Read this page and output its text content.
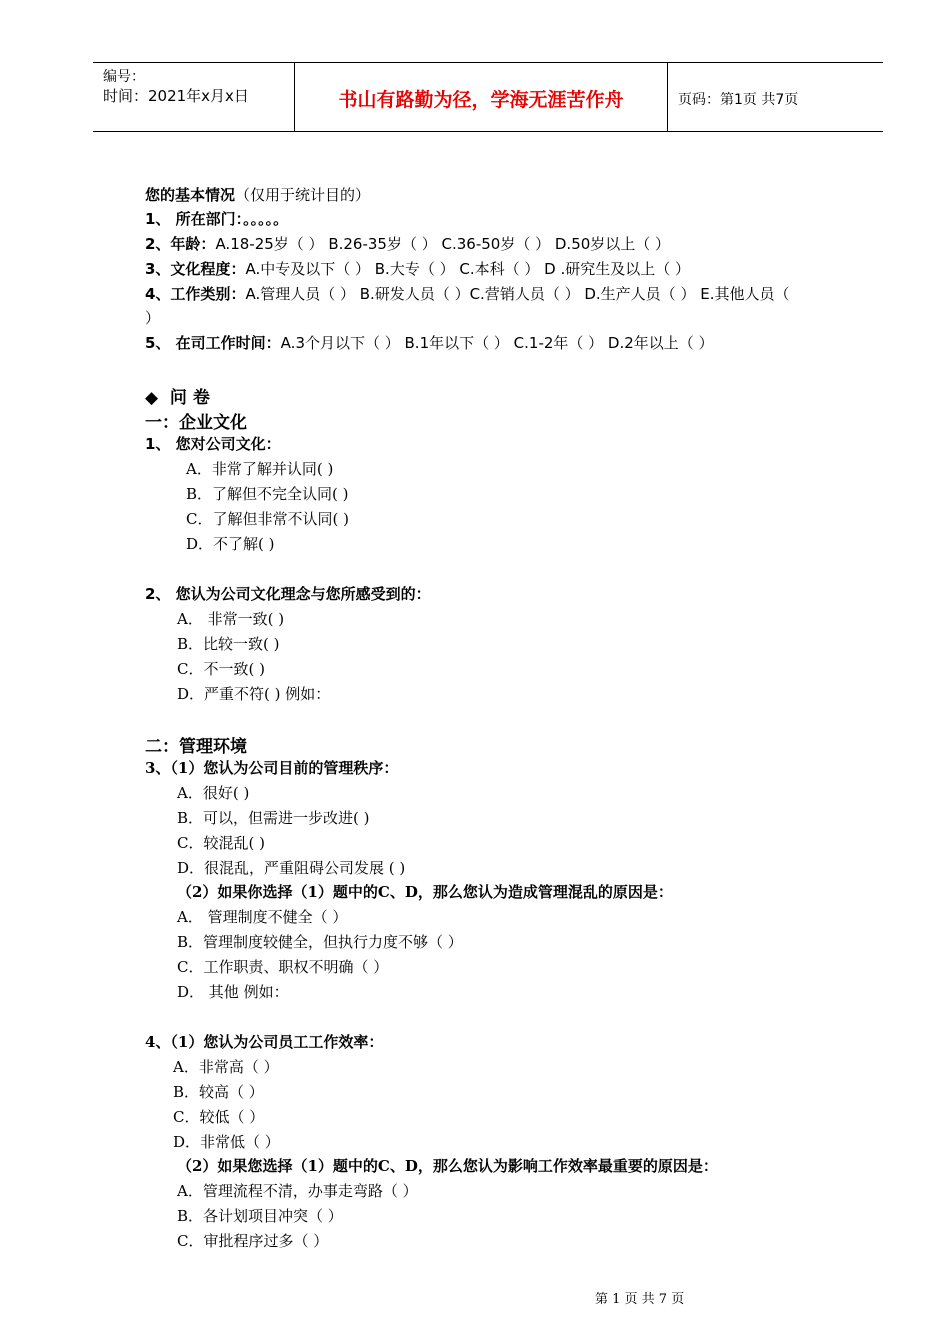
编号：
时间：2021年x月x日	书山有路勤为径，学海无涯苦作舟	页码：第1页 共7页
您的基本情况（仅用于统计目的）
1、 所在部门：。。。。。
2、年龄：A.18-25岁（ ） B.26-35岁（ ） C.36-50岁（ ） D.50岁以上（ ）
3、文化程度：A.中专及以下（ ） B.大专（ ） C.本科（ ） D .研究生及以上（ ）
4、工作类别：A.管理人员（ ） B.研发人员（ ）C.营销人员（ ） D.生产人员（ ） E.其他人员（
）
5、 在司工作时间：A.3个月以下（ ） B.1年以下（ ） C.1-2年（ ） D.2年以上（ ）
◆ 问 卷
一：企业文化
1、 您对公司文化：
A．非常了解并认同( )
B．了解但不完全认同( )
C．了解但非常不认同( )
D．不了解( )
2、 您认为公司文化理念与您所感受到的：
A． 非常一致( )
B．比较一致( )
C．不一致( )
D．严重不符( ) 例如：
二：管理环境
3、（1）您认为公司目前的管理秩序：
A．很好( )
B．可以，但需进一步改进( )
C．较混乱( )
D．很混乱，严重阻碍公司发展 ( )
（2）如果你选择（1）题中的C、D，那么您认为造成管理混乱的原因是：
A． 管理制度不健全（ ）
B．管理制度较健全，但执行力度不够（ ）
C．工作职责、职权不明确（ ）
D． 其他 例如：
4、（1）您认为公司员工工作效率：
A．非常高（ ）
B．较高（ ）
C．较低（ ）
D．非常低（ ）
（2）如果您选择（1）题中的C、D，那么您认为影响工作效率最重要的原因是：
A．管理流程不清，办事走弯路（ ）
B．各计划项目冲突（ ）
C．审批程序过多（ ）
第 1 页 共 7 页
